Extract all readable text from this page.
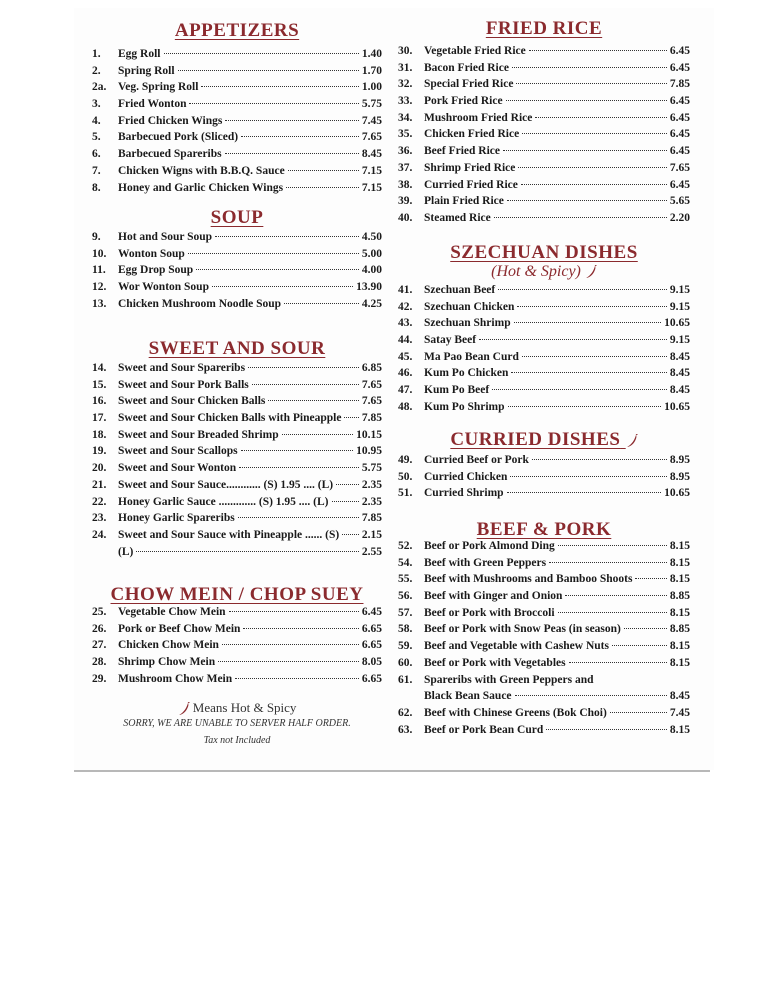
APPETIZERS
1.	Egg Roll	1.40
2.	Spring Roll	1.70
2a.	Veg. Spring Roll	1.00
3.	Fried Wonton	5.75
4.	Fried Chicken Wings	7.45
5.	Barbecued Pork (Sliced)	7.65
6.	Barbecued Spareribs	8.45
7.	Chicken Wigns with B.B.Q. Sauce	7.15
8.	Honey and Garlic Chicken Wings	7.15
SOUP
9.	Hot and Sour Soup	4.50
10.	Wonton Soup	5.00
11.	Egg Drop Soup	4.00
12.	Wor Wonton Soup	13.90
13.	Chicken Mushroom Noodle Soup	4.25
SWEET AND SOUR
14.	Sweet and Sour Spareribs	6.85
15.	Sweet and Sour Pork Balls	7.65
16.	Sweet and Sour Chicken Balls	7.65
17.	Sweet and Sour Chicken Balls with Pineapple 7.85
18.	Sweet and Sour Breaded Shrimp	10.15
19.	Sweet and Sour Scallops	10.95
20.	Sweet and Sour Wonton	5.75
21.	Sweet and Sour Sauce............ (S) 1.95 .... (L)	2.35
22.	Honey Garlic Sauce ............. (S) 1.95 .... (L)	2.35
23.	Honey Garlic Spareribs	7.85
24.	Sweet and Sour Sauce with Pineapple ...... (S) 2.15
(L)	2.55
CHOW MEIN / CHOP SUEY
25.	Vegetable Chow Mein	6.45
26.	Pork or Beef Chow Mein	6.65
27.	Chicken Chow Mein	6.65
28.	Shrimp Chow Mein	8.05
29.	Mushroom Chow Mein	6.65
Means Hot & Spicy
SORRY, WE ARE UNABLE TO SERVER HALF ORDER.
Tax not Included
FRIED RICE
30.	Vegetable Fried Rice	6.45
31.	Bacon Fried Rice	6.45
32.	Special Fried Rice	7.85
33.	Pork Fried Rice	6.45
34.	Mushroom Fried Rice	6.45
35.	Chicken Fried Rice	6.45
36.	Beef Fried Rice	6.45
37.	Shrimp Fried Rice	7.65
38.	Curried Fried Rice	6.45
39.	Plain Fried Rice	5.65
40.	Steamed Rice	2.20
SZECHUAN DISHES
(Hot & Spicy)
41.	Szechuan Beef	9.15
42.	Szechuan Chicken	9.15
43.	Szechuan Shrimp	10.65
44.	Satay Beef	9.15
45.	Ma Pao Bean Curd	8.45
46.	Kum Po Chicken	8.45
47.	Kum Po Beef	8.45
48.	Kum Po Shrimp	10.65
CURRIED DISHES
49.	Curried Beef or Pork	8.95
50.	Curried Chicken	8.95
51.	Curried Shrimp	10.65
BEEF & PORK
52.	Beef or Pork Almond Ding	8.15
54.	Beef with Green Peppers	8.15
55.	Beef with Mushrooms and Bamboo Shoots	8.15
56.	Beef with Ginger and Onion	8.85
57.	Beef or Pork with Broccoli	8.15
58.	Beef or Pork with Snow Peas (in season)	8.85
59.	Beef and Vegetable with Cashew Nuts	8.15
60.	Beef or Pork with Vegetables	8.15
61.	Spareribs with Green Peppers and
Black Bean Sauce	8.45
62.	Beef with Chinese Greens (Bok Choi)	7.45
63.	Beef or Pork Bean Curd	8.15
